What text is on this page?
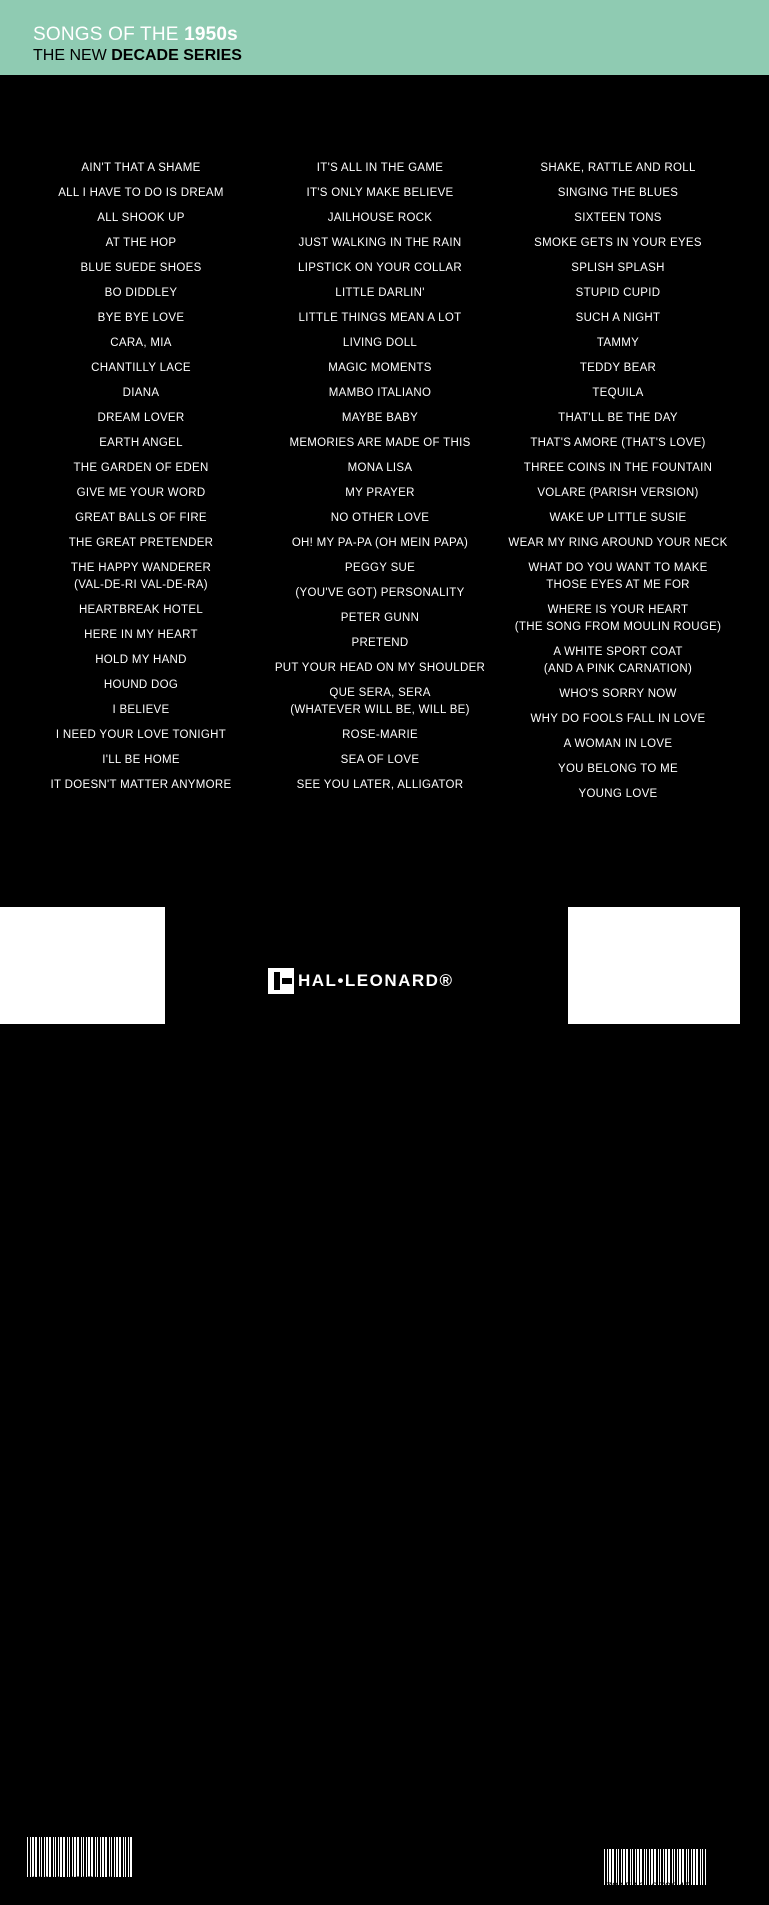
SONGS OF THE 1950s
THE NEW DECADE SERIES
AIN'T THAT A SHAME
ALL I HAVE TO DO IS DREAM
ALL SHOOK UP
AT THE HOP
BLUE SUEDE SHOES
BO DIDDLEY
BYE BYE LOVE
CARA, MIA
CHANTILLY LACE
DIANA
DREAM LOVER
EARTH ANGEL
THE GARDEN OF EDEN
GIVE ME YOUR WORD
GREAT BALLS OF FIRE
THE GREAT PRETENDER
THE HAPPY WANDERER
(VAL-DE-RI VAL-DE-RA)
HEARTBREAK HOTEL
HERE IN MY HEART
HOLD MY HAND
HOUND DOG
I BELIEVE
I NEED YOUR LOVE TONIGHT
I'LL BE HOME
IT DOESN'T MATTER ANYMORE
IT'S ALL IN THE GAME
IT'S ONLY MAKE BELIEVE
JAILHOUSE ROCK
JUST WALKING IN THE RAIN
LIPSTICK ON YOUR COLLAR
LITTLE DARLIN'
LITTLE THINGS MEAN A LOT
LIVING DOLL
MAGIC MOMENTS
MAMBO ITALIANO
MAYBE BABY
MEMORIES ARE MADE OF THIS
MONA LISA
MY PRAYER
NO OTHER LOVE
OH! MY PA-PA (OH MEIN PAPA)
PEGGY SUE
(YOU'VE GOT) PERSONALITY
PETER GUNN
PRETEND
PUT YOUR HEAD ON MY SHOULDER
QUE SERA, SERA
(WHATEVER WILL BE, WILL BE)
ROSE-MARIE
SEA OF LOVE
SEE YOU LATER, ALLIGATOR
SHAKE, RATTLE AND ROLL
SINGING THE BLUES
SIXTEEN TONS
SMOKE GETS IN YOUR EYES
SPLISH SPLASH
STUPID CUPID
SUCH A NIGHT
TAMMY
TEDDY BEAR
TEQUILA
THAT'LL BE THE DAY
THAT'S AMORE (THAT'S LOVE)
THREE COINS IN THE FOUNTAIN
VOLARE (PARISH VERSION)
WAKE UP LITTLE SUSIE
WEAR MY RING AROUND YOUR NECK
WHAT DO YOU WANT TO MAKE
THOSE EYES AT ME FOR
WHERE IS YOUR HEART
(THE SONG FROM MOULIN ROUGE)
A WHITE SPORT COAT
(AND A PINK CARNATION)
WHO'S SORRY NOW
WHY DO FOOLS FALL IN LOVE
A WOMAN IN LOVE
YOU BELONG TO ME
YOUNG LOVE
8 88680 97871 6
HL00323328
HAL•LEONARD®
ISBN 978-1-5400-7084-5
9 781540 070845
